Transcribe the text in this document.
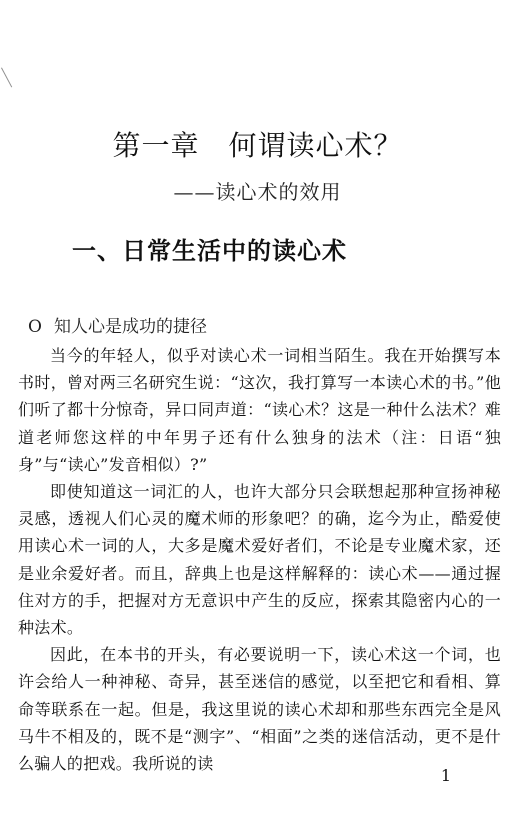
第一章　何谓读心术？
——读心术的效用
一、日常生活中的读心术
O 知人心是成功的捷径

当今的年轻人，似乎对读心术一词相当陌生。我在开始撰写本书时，曾对两三名研究生说：“这次，我打算写一本读心术的书。”他们听了都十分惊奇，异口同声道：“读心术？这是一种什么法术？难道老师您这样的中年男子还有什么独身的法术（注：日语“独身”与“读心”发音相似）?”

即使知道这一词汇的人，也许大部分只会联想起那种宣扬神秘灵感，透视人们心灵的魔术师的形象吧？的确，迄今为止，酷爱使用读心术一词的人，大多是魔术爱好者们，不论是专业魔术家，还是业余爱好者。而且，辞典上也是这样解释的：读心术——通过握住对方的手，把握对方无意识中产生的反应，探索其隐密内心的一种法术。

因此，在本书的开头，有必要说明一下，读心术这一个词，也许会给人一种神秘、奇异，甚至迷信的感觉，以至把它和看相、算命等联系在一起。但是，我这里说的读心术却和那些东西完全是风马牛不相及的，既不是“测字”、“相面”之类的迷信活动，更不是什么骗人的把戏。我所说的读

1
